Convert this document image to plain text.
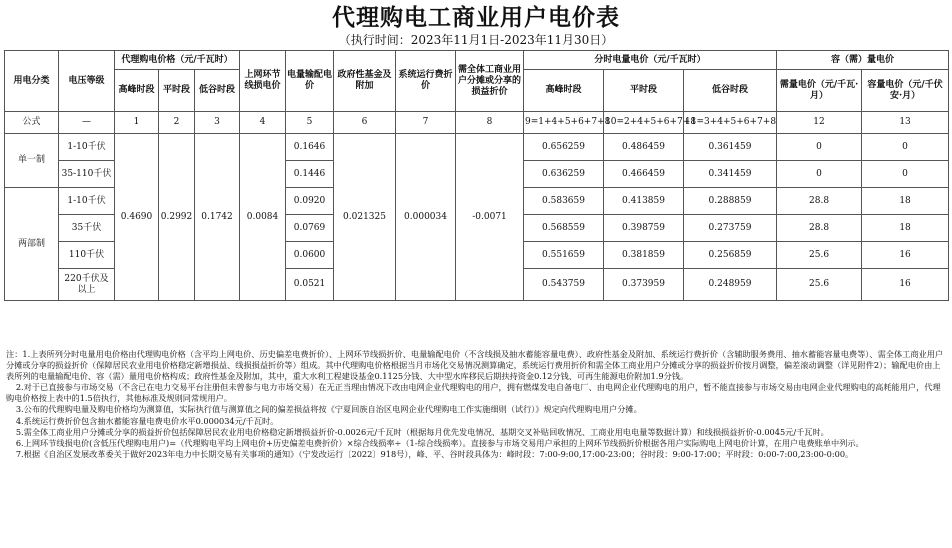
代理购电工商业用户电价表
（执行时间：2023年11月1日-2023年11月30日）
用电分类	电压等级	代理购电价格（元/千瓦时）			上网环节线损电价	电量输配电价	政府性基金及附加	系统运行费折价	需全体工商业用户分摊或分享的损益折价	分时电量电价（元/千瓦时）			容（需）量电价	
		高峰时段	平时段	低谷时段						高峰时段	平时段	低谷时段	需量电价（元/千瓦·月）	容量电价（元/千伏安·月）
公式	—	1	2	3	4	5	6	7	8	9=1+4+5+6+7+8	10=2+4+5+6+7+8	11=3+4+5+6+7+8	12	13
单一制	1-10千伏	0.4690	0.2992	0.1742	0.0084	0.1646	0.021325	0.000034	-0.0071	0.656259	0.486459	0.361459	0	0
	35-110千伏					0.1446				0.636259	0.466459	0.341459	0	0
两部制	1-10千伏					0.0920				0.583659	0.413859	0.288859	28.8	18
	35千伏					0.0769				0.568559	0.398759	0.273759	28.8	18
	110千伏					0.0600				0.551659	0.381859	0.256859	25.6	16
	220千伏及以上					0.0521				0.543759	0.373959	0.248959	25.6	16

注：1.上表所列分时电量用电价格由代理购电价格（含平均上网电价、历史偏差电费折价）、上网环节线损折价、电量输配电价（不含线损及抽水蓄能容量电费）、政府性基金及附加、系统运行费折价（含辅助服务费用、抽水蓄能容量电费等）、需全体工商业用户分摊或分享的损益折价（保障居民农业用电价格稳定新增损益、线损损益折价等）组成。其中代理购电价格根据当月市场化交易情况测算确定，系统运行费用折价和需全体工商业用户分摊或分享的损益折价按月调整，偏差滚动调整（详见附件2）；输配电价由上表所列的电量输配电价、容（需）量用电价格构成；政府性基金及附加，其中，重大水利工程建设基金0.1125分钱、大中型水库移民后期扶持资金0.12分钱、可再生能源电价附加1.9分钱。

2.对于已直接参与市场交易（不含已在电力交易平台注册但未曾参与电力市场交易）在无正当理由情况下改由电网企业代理购电的用户，拥有燃煤发电自备电厂、由电网企业代理购电的用户，暂不能直接参与市场交易由电网企业代理购电的高耗能用户，代理购电价格按上表中的1.5倍执行，其他标准及规则同常规用户。

3.公布的代理购电量及购电价格均为测算值，实际执行值与测算值之间的偏差损益将按《宁夏回族自治区电网企业代理购电工作实施细则（试行）》规定向代理购电用户分摊。

4.系统运行费折价包含抽水蓄能容量电费电价水平0.000034元/千瓦时。

5.需全体工商业用户分摊或分享的损益折价包括保障居民农业用电价格稳定新增损益折价-0.0026元/千瓦时（根据每月优先发电情况、基期交叉补贴回收情况、工商业用电电量等数据计算）和线损损益折价-0.0045元/千瓦时。

6.上网环节线损电价(含低压代理购电用户)=（代理购电平均上网电价+历史偏差电费折价）×综合线损率÷（1-综合线损率）。直接参与市场交易用户承担的上网环节线损折价根据各用户实际购电上网电价计算，在用户电费账单中列示。

7.根据《自治区发展改革委关于做好2023年电力中长期交易有关事项的通知》（宁发改运行〔2022〕918号），峰、平、谷时段具体为：峰时段：7:00-9:00,17:00-23:00；谷时段：9:00-17:00；平时段：0:00-7:00,23:00-0:00。
